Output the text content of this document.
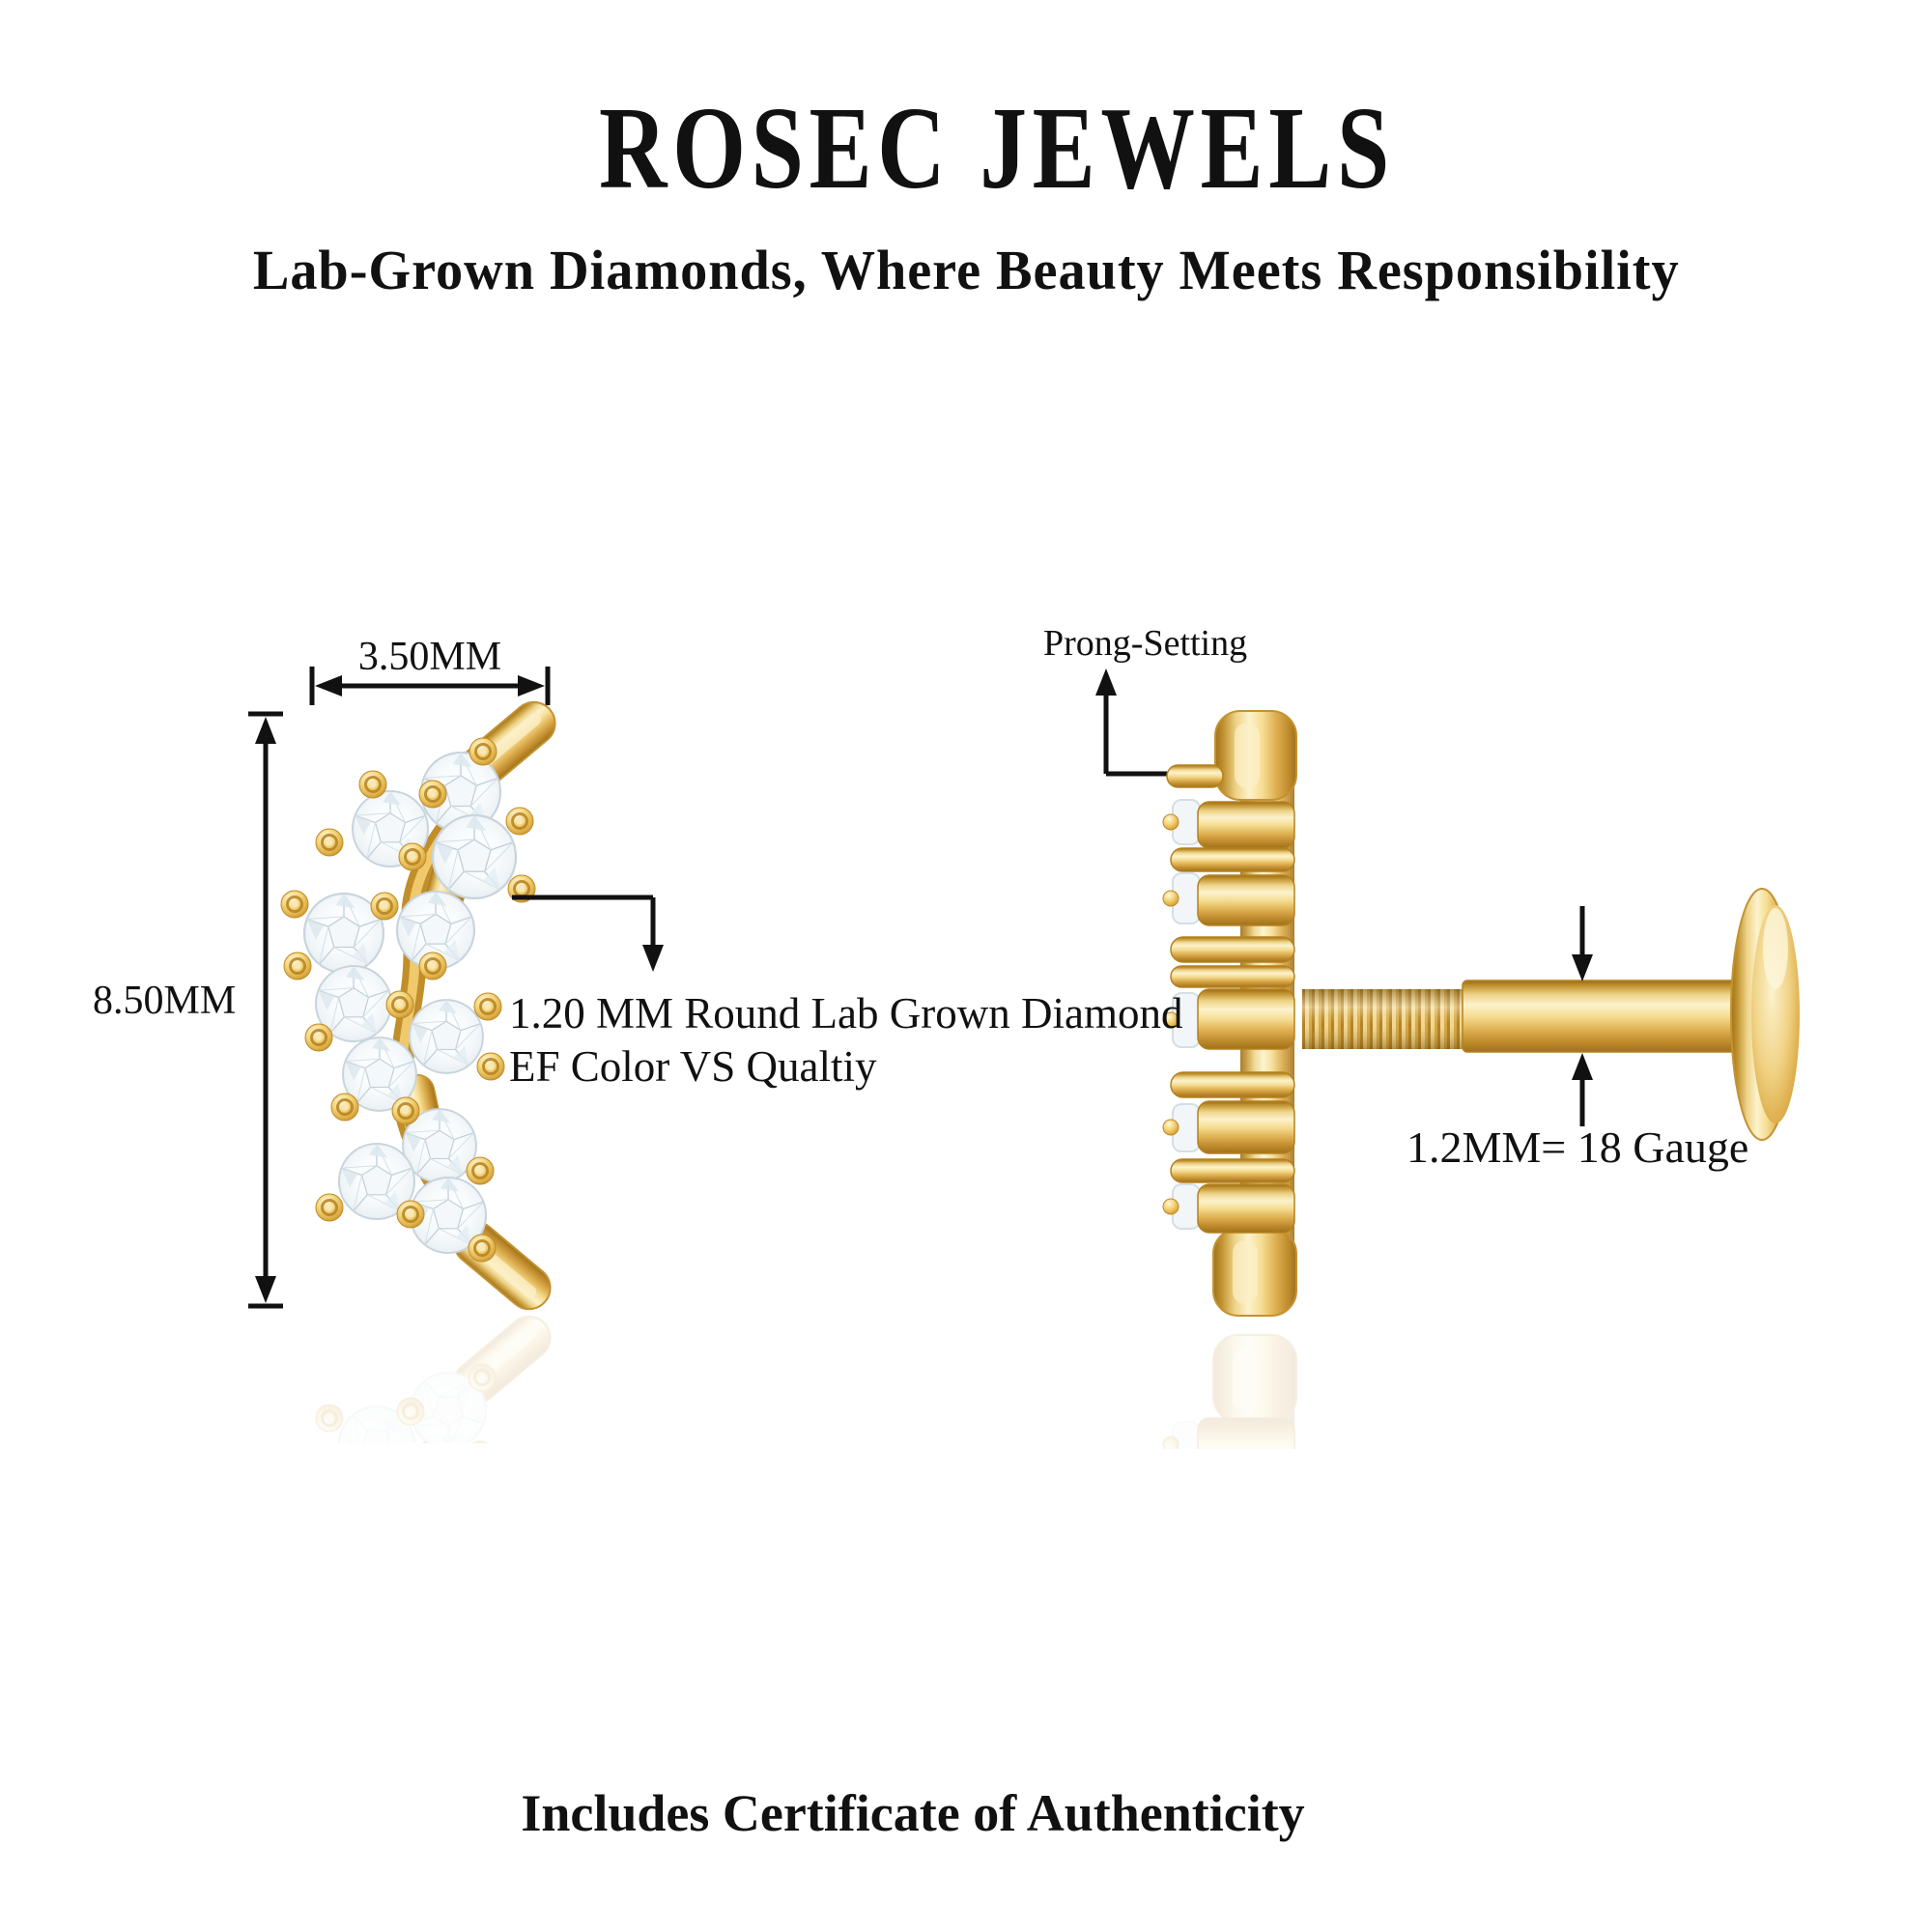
ROSEC JEWELS
Lab-Grown Diamonds, Where Beauty Meets Responsibility
3.50MM
8.50MM	1.20 MM Round Lab Grown Diamond
EF Color VS Qualtiy
Prong-Setting
1.2MM= 18 Gauge
Includes Certificate of Authenticity
